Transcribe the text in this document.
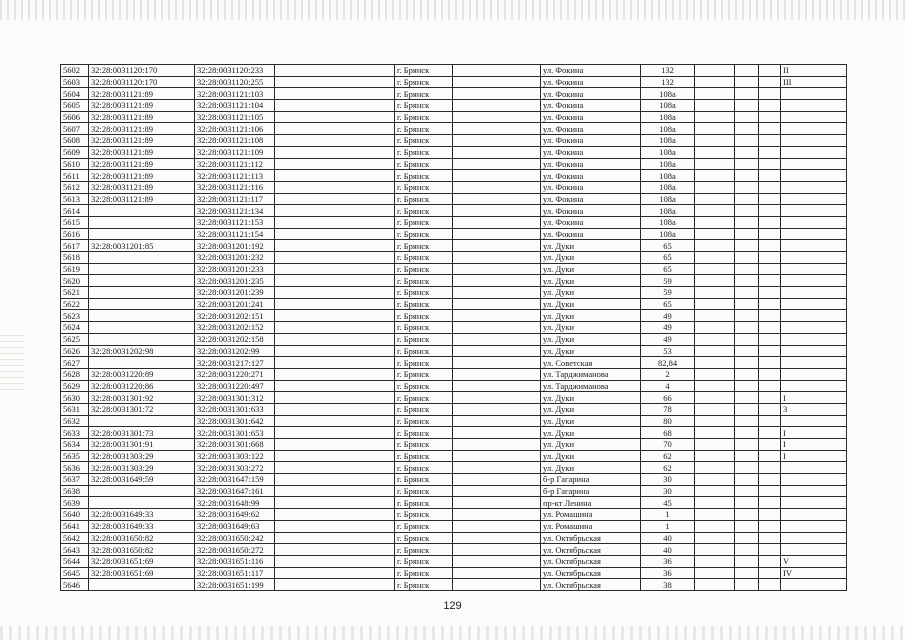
5602	32:28:0031120:170	32:28:0031120:233		г. Брянск		ул. Фокина	132				II
5603	32:28:0031120:170	32:28:0031120:255		г. Брянск		ул. Фокина	132				III
5604	32:28:0031121:89	32:28:0031121:103		г. Брянск		ул. Фокина	108а				
5605	32:28:0031121:89	32:28:0031121:104		г. Брянск		ул. Фокина	108а				
5606	32:28:0031121:89	32:28:0031121:105		г. Брянск		ул. Фокина	108а				
5607	32:28:0031121:89	32:28:0031121:106		г. Брянск		ул. Фокина	108а				
5608	32:28:0031121:89	32:28:0031121:108		г. Брянск		ул. Фокина	108а				
5609	32:28:0031121:89	32:28:0031121:109		г. Брянск		ул. Фокина	108а				
5610	32:28:0031121:89	32:28:0031121:112		г. Брянск		ул. Фокина	108а				
5611	32:28:0031121:89	32:28:0031121:113		г. Брянск		ул. Фокина	108а				
5612	32:28:0031121:89	32:28:0031121:116		г. Брянск		ул. Фокина	108а				
5613	32:28:0031121:89	32:28:0031121:117		г. Брянск		ул. Фокина	108а				
5614		32:28:0031121:134		г. Брянск		ул. Фокина	108а				
5615		32:28:0031121:153		г. Брянск		ул. Фокина	108а				
5616		32:28:0031121:154		г. Брянск		ул. Фокина	108а				
5617	32:28:0031201:85	32:28:0031201:192		г. Брянск		ул. Дуки	65				
5618		32:28:0031201:232		г. Брянск		ул. Дуки	65				
5619		32:28:0031201:233		г. Брянск		ул. Дуки	65				
5620		32:28:0031201:235		г. Брянск		ул. Дуки	59				
5621		32:28:0031201:239		г. Брянск		ул. Дуки	59				
5622		32:28:0031201:241		г. Брянск		ул. Дуки	65				
5623		32:28:0031202:151		г. Брянск		ул. Дуки	49				
5624		32:28:0031202:152		г. Брянск		ул. Дуки	49				
5625		32:28:0031202:158		г. Брянск		ул. Дуки	49				
5626	32:28:0031202:98	32:28:0031202:99		г. Брянск		ул. Дуки	53				
5627		32:28:0031217:127		г. Брянск		ул. Советская	82,84				
5628	32:28:0031220:89	32:28:0031220:271		г. Брянск		ул. Тарджиманова	2				
5629	32:28:0031220:86	32:28:0031220:497		г. Брянск		ул. Тарджиманова	4				
5630	32:28:0031301:92	32:28:0031301:312		г. Брянск		ул. Дуки	66				I
5631	32:28:0031301:72	32:28:0031301:633		г. Брянск		ул. Дуки	78				3
5632		32:28:0031301:642		г. Брянск		ул. Дуки	80				
5633	32:28:0031301:73	32:28:0031301:653		г. Брянск		ул. Дуки	68				I
5634	32:28:0031301:91	32:28:0031301:668		г. Брянск		ул. Дуки	70				I
5635	32:28:0031303:29	32:28:0031303:122		г. Брянск		ул. Дуки	62				I
5636	32:28:0031303:29	32:28:0031303:272		г. Брянск		ул. Дуки	62				
5637	32:28:0031649:59	32:28:0031647:159		г. Брянск		б-р Гагарина	30				
5638		32:28:0031647:161		г. Брянск		б-р Гагарина	30				
5639		32:28:0031648:99		г. Брянск		пр-кт Ленина	45				
5640	32:28:0031649:33	32:28:0031649:62		г. Брянск		ул. Ромашина	1				
5641	32:28:0031649:33	32:28:0031649:63		г. Брянск		ул. Ромашина	1				
5642	32:28:0031650:82	32:28:0031650:242		г. Брянск		ул. Октябрьская	40				
5643	32:28:0031650:82	32:28:0031650:272		г. Брянск		ул. Октябрьская	40				
5644	32:28:0031651:69	32:28:0031651:116		г. Брянск		ул. Октябрьская	36				V
5645	32:28:0031651:69	32:28:0031651:117		г. Брянск		ул. Октябрьская	36				IV
5646		32:28:0031651:199		г. Брянск		ул. Октябрьская	38				
129
